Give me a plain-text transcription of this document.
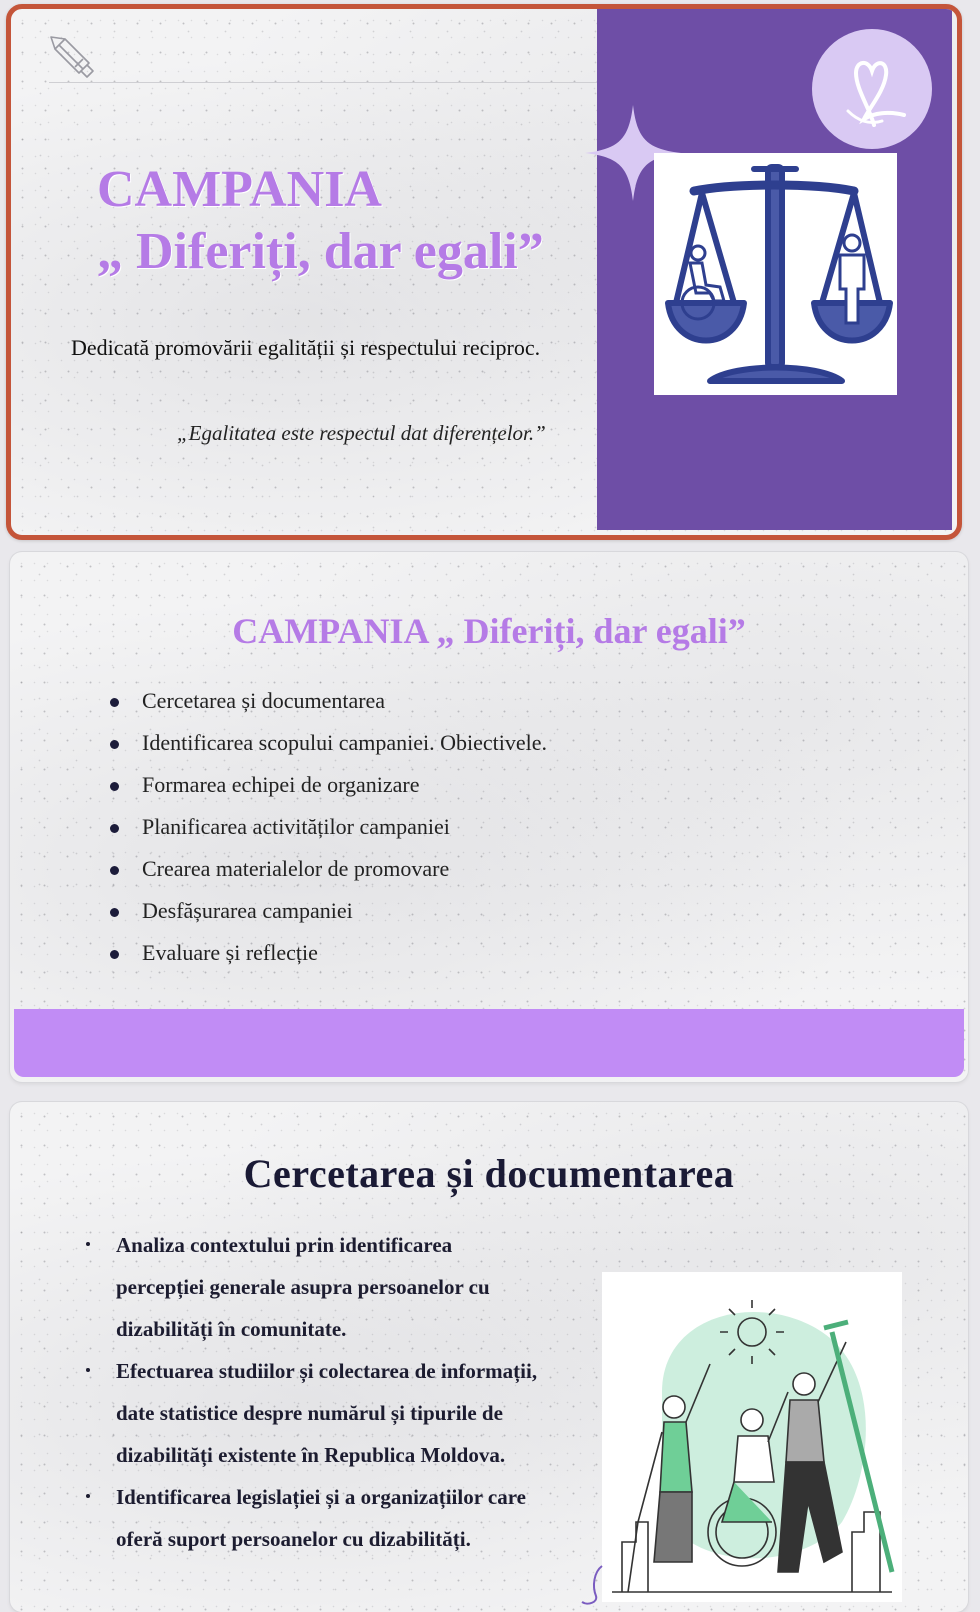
CAMPANIA
„ Diferiți, dar egali”
Dedicată promovării egalității și respectului reciproc.
„Egalitatea este respectul dat diferențelor.”
CAMPANIA „ Diferiți, dar egali”
Cercetarea și documentarea
Identificarea scopului campaniei. Obiectivele.
Formarea echipei de organizare
Planificarea activităților campaniei
Crearea materialelor de promovare
Desfășurarea campaniei
Evaluare și reflecție
Cercetarea și documentarea
Analiza contextului prin identificarea
percepției generale asupra persoanelor cu
dizabilități în comunitate.
Efectuarea studiilor și colectarea de informații,
date statistice despre numărul și tipurile de
dizabilități existente în Republica Moldova.
Identificarea legislației și a organizațiilor care
oferă suport persoanelor cu dizabilități.
